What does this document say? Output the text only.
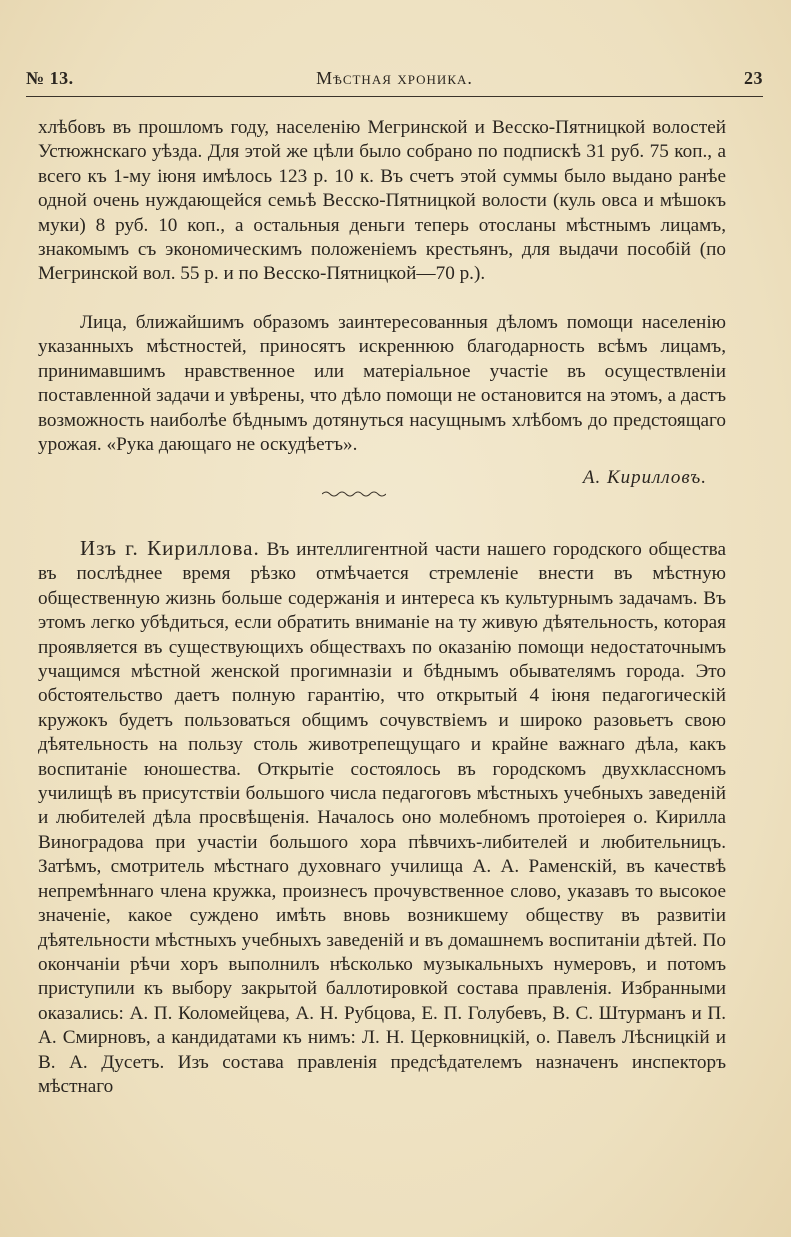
№ 13.	Мѣстная хроника.	23

хлѣбовъ въ прошломъ году, населенію Мегринской и Весско-Пятницкой волостей Устюжнскаго уѣзда. Для этой же цѣли было собрано по подпискѣ 31 руб. 75 коп., а всего къ 1-му іюня имѣлось 123 р. 10 к. Въ счетъ этой суммы было выдано ранѣе одной очень нуждающейся семьѣ Весско-Пятницкой волости (куль овса и мѣшокъ муки) 8 руб. 10 коп., а остальныя деньги теперь отосланы мѣстнымъ лицамъ, знакомымъ съ экономическимъ положеніемъ крестьянъ, для выдачи пособій (по Мегринской вол. 55 р. и по Весско-Пятницкой—70 р.).

Лица, ближайшимъ образомъ заинтересованныя дѣломъ помощи населенію указанныхъ мѣстностей, приносятъ искреннюю благодарность всѣмъ лицамъ, принимавшимъ нравственное или матеріальное участіе въ осуществленіи поставленной задачи и увѣрены, что дѣло помощи не остановится на этомъ, а дастъ возможность наиболѣе бѣднымъ дотянуться насущнымъ хлѣбомъ до предстоящаго урожая. «Рука дающаго не оскудѣетъ».

А. Кирилловъ.

Изъ г. Кириллова. Въ интеллигентной части нашего городского общества въ послѣднее время рѣзко отмѣчается стремленіе внести въ мѣстную общественную жизнь больше содержанія и интереса къ культурнымъ задачамъ. Въ этомъ легко убѣдиться, если обратить вниманіе на ту живую дѣятельность, которая проявляется въ существующихъ обществахъ по оказанію помощи недостаточнымъ учащимся мѣстной женской прогимназіи и бѣднымъ обывателямъ города. Это обстоятельство даетъ полную гарантію, что открытый 4 іюня педагогическій кружокъ будетъ пользоваться общимъ сочувствіемъ и широко разовьетъ свою дѣятельность на пользу столь животрепещущаго и крайне важнаго дѣла, какъ воспитаніе юношества. Открытіе состоялось въ городскомъ двухклассномъ училищѣ въ присутствіи большого числа педагоговъ мѣстныхъ учебныхъ заведеній и любителей дѣла просвѣщенія. Началось оно молебномъ протоіерея о. Кирилла Виноградова при участіи большого хора пѣвчихъ-либителей и любительницъ. Затѣмъ, смотритель мѣстнаго духовнаго училища А. А. Раменскій, въ качествѣ непремѣннаго члена кружка, произнесъ прочувственное слово, указавъ то высокое значеніе, какое суждено имѣть вновь возникшему обществу въ развитіи дѣятельности мѣстныхъ учебныхъ заведеній и въ домашнемъ воспитаніи дѣтей. По окончаніи рѣчи хоръ выполнилъ нѣсколько музыкальныхъ нумеровъ, и потомъ приступили къ выбору закрытой баллотировкой состава правленія. Избранными оказались: А. П. Коломейцева, А. Н. Рубцова, Е. П. Голубевъ, В. С. Штурманъ и П. А. Смирновъ, а кандидатами къ нимъ: Л. Н. Церковницкій, о. Павелъ Лѣсницкій и В. А. Дусетъ. Изъ состава правленія предсѣдателемъ назначенъ инспекторъ мѣстнаго
